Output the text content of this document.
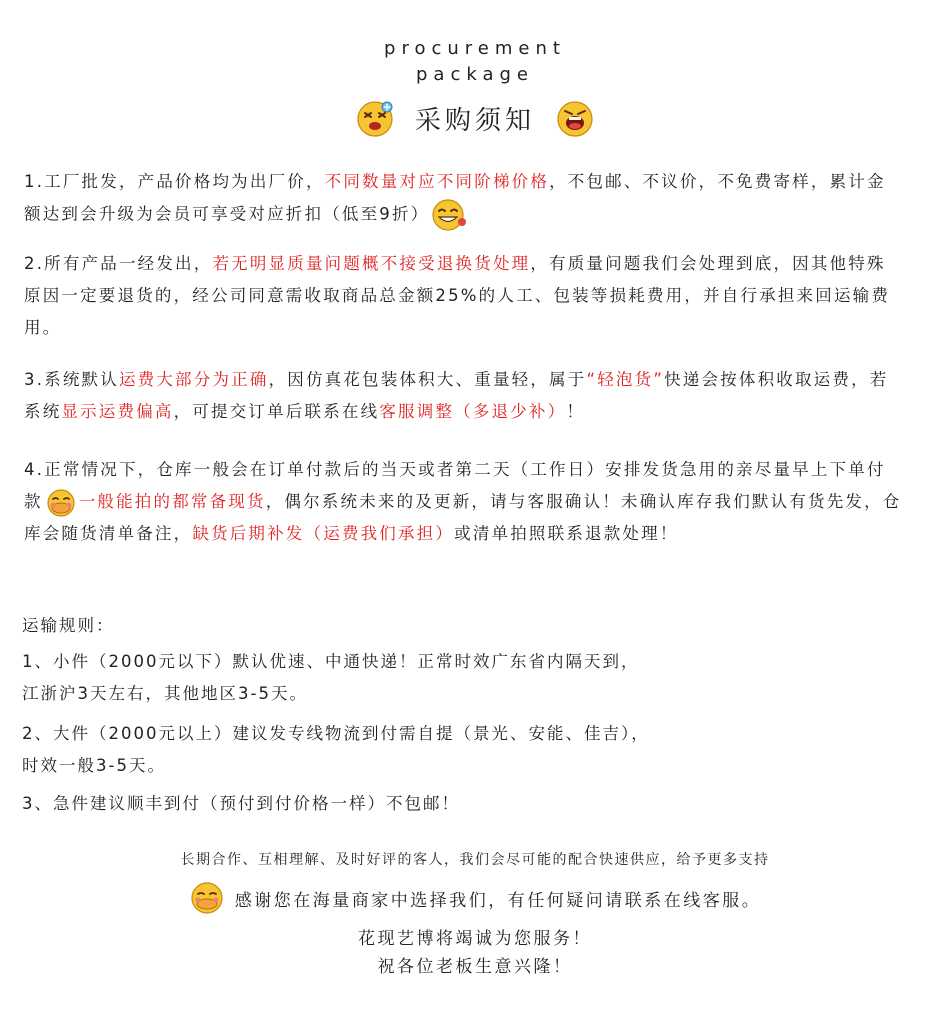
procurement
package
采购须知
1.工厂批发，产品价格均为出厂价，不同数量对应不同阶梯价格，不包邮、不议价，不免费寄样，累计金额达到会升级为会员可享受对应折扣（低至9折）
2.所有产品一经发出，若无明显质量问题概不接受退换货处理，有质量问题我们会处理到底，因其他特殊原因一定要退货的，经公司同意需收取商品总金额25%的人工、包装等损耗费用，并自行承担来回运输费用。
3.系统默认运费大部分为正确，因仿真花包装体积大、重量轻，属于“轻泡货”快递会按体积收取运费，若系统显示运费偏高，可提交订单后联系在线客服调整（多退少补）！
4.正常情况下，仓库一般会在订单付款后的当天或者第二天（工作日）安排发货急用的亲尽量早上下单付款 一般能拍的都常备现货，偶尔系统未来的及更新，请与客服确认！未确认库存我们默认有货先发，仓库会随货清单备注，缺货后期补发（运费我们承担）或清单拍照联系退款处理！
运输规则：
1、小件（2000元以下）默认优速、中通快递！正常时效广东省内隔天到，
江浙沪3天左右，其他地区3-5天。
2、大件（2000元以上）建议发专线物流到付需自提（景光、安能、佳吉），
时效一般3-5天。
3、急件建议顺丰到付（预付到付价格一样）不包邮！
长期合作、互相理解、及时好评的客人，我们会尽可能的配合快速供应，给予更多支持
感谢您在海量商家中选择我们，有任何疑问请联系在线客服。
花现艺博将竭诚为您服务！
祝各位老板生意兴隆！
